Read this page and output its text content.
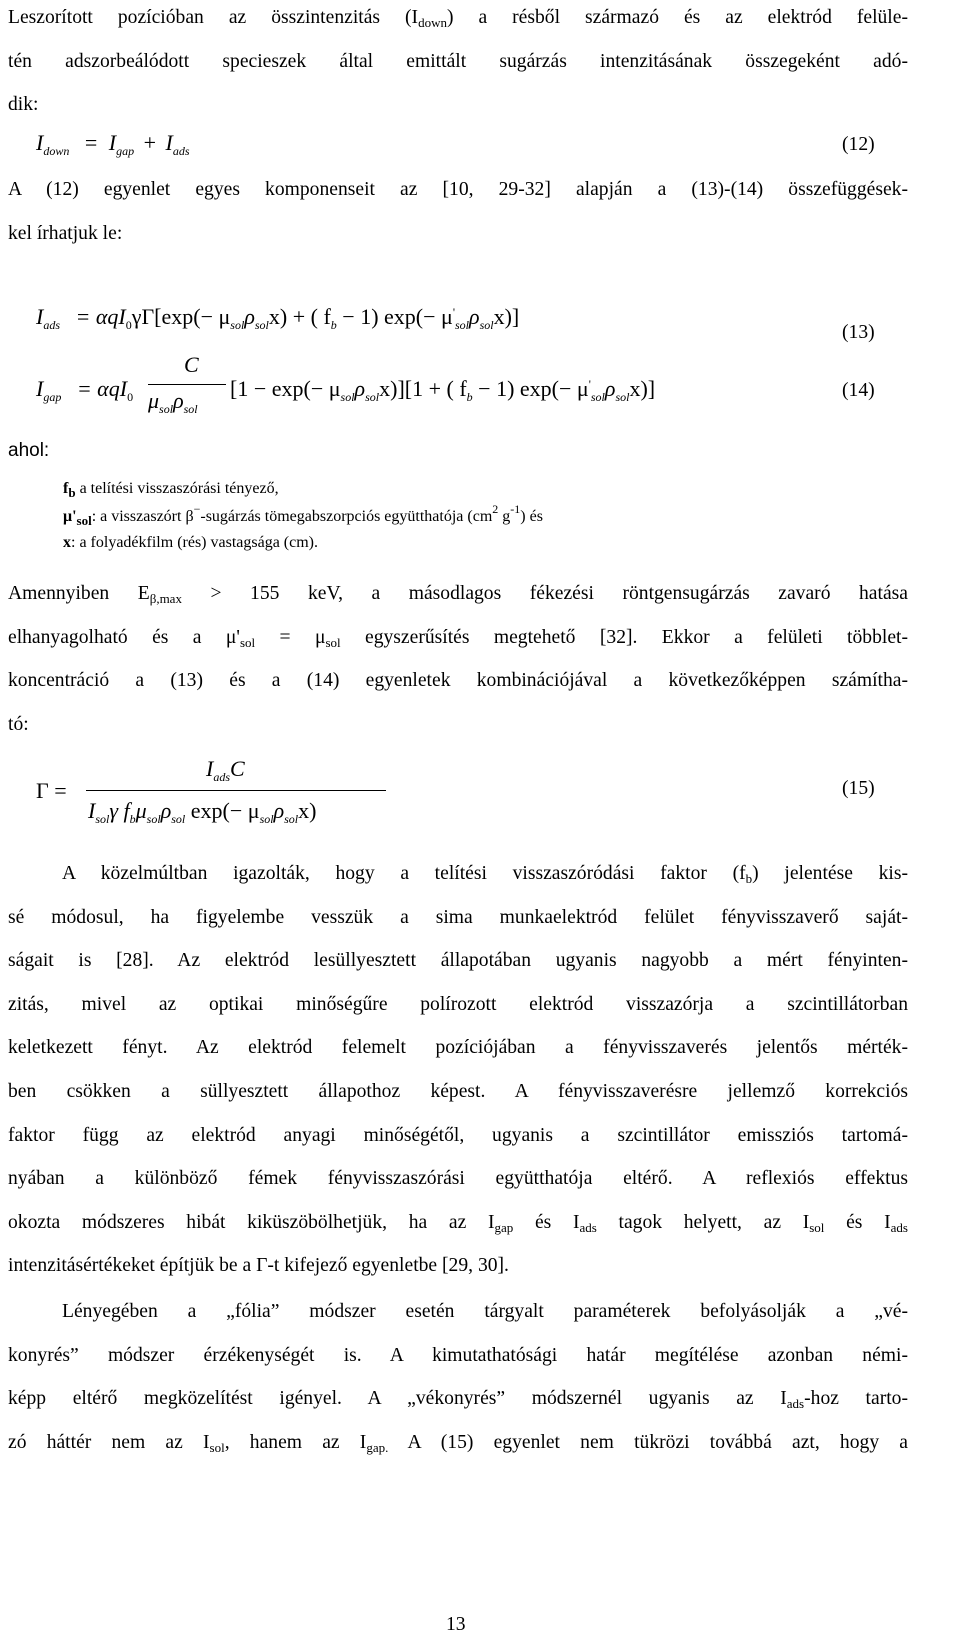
Leszorított pozícióban az összintenzitás $(I_{down})$ a résből származó és az elektród felüle-
tén adszorbeálódott specieszek által emittált sugárzás intenzitásának összegeként adó-
dik:
$I_{down} = I_{gap} + I_{ads}$	(12)
A (12) egyenlet egyes komponenseit az [10, 29-32] alapján a (13)-(14) összefüggések-
kel írhatjuk le:
$I_{ads} = \alpha qI_0\gamma\Gamma[\exp(- \mu_{sol}\rho_{sol}x)$ + ( $f_b - 1$) $\exp(- \mu'_{sol}\rho_{sol}x)$]
(13)
$I_{gap} = \alpha qI_0$
C
$\mu_{sol}\rho_{sol}$
$[1 - \exp(- \mu_{sol}\rho_{sol}x)][1$ + ( $f_b - 1$) $\exp(- \mu'_{sol}\rho_{sol}x)$]	(14)
ahol:
$f_b$ a telítési visszaszórási tényező,
$\mu'_{sol}$: a visszaszórt β−-sugárzás tömegabszorpciós együtthatója ($cm^2$ $g^{-1}$) és
x: a folyadékfilm (rés) vastagsága (cm).
Amennyiben $E_{\beta,max} > 155$ keV, a másodlagos fékezési röntgensugárzás zavaró hatása
elhanyagolható és a $\mu'_{sol} = \mu_{sol}$ egyszerűsítés megtehető [32]. Ekkor a felületi többlet-
koncentráció a (13) és a (14) egyenletek kombinációjával a következőképpen számítha-
tó:
Γ =
$I_{ads}C$
$I_{sol}\gamma$ $f_b\mu_{sol}\rho_{sol}$ $\exp(- \mu_{sol}\rho_{sol}x)$
(15)
A közelmúltban igazolták, hogy a telítési visszaszóródási faktor $(f_b)$ jelentése kis-
sé módosul, ha figyelembe vesszük a sima munkaelektród felület fényvisszaverő saját-
ságait is [28]. Az elektród lesüllyesztett állapotában ugyanis nagyobb a mért fényinten-
zitás, mivel az optikai minőségűre polírozott elektród visszazórja a szcintillátorban
keletkezett fényt. Az elektród felemelt pozíciójában a fényvisszaverés jelentős mérték-
ben csökken a süllyesztett állapothoz képest. A fényvisszaverésre jellemző korrekciós
faktor függ az elektród anyagi minőségétől, ugyanis a szcintillátor emissziós tartomá-
nyában a különböző fémek fényvisszaszórási együtthatója eltérő. A reflexiós effektus
okozta módszeres hibát kiküszöbölhetjük, ha az $I_{gap}$ és $I_{ads}$ tagok helyett, az $I_{sol}$ és $I_{ads}$
intenzitásértékeket építjük be a Γ-t kifejező egyenletbe [29, 30].
Lényegében a „fólia” módszer esetén tárgyalt paraméterek befolyásolják a „vé-
konyrés” módszer érzékenységét is. A kimutathatósági határ megítélése azonban némi-
képp eltérő megközelítést igényel. A „vékonyrés” módszernél ugyanis az $I_{ads}$-hoz tarto-
zó háttér nem az $I_{sol}$, hanem az $I_{gap.}$ A (15) egyenlet nem tükrözi továbbá azt, hogy a
13
